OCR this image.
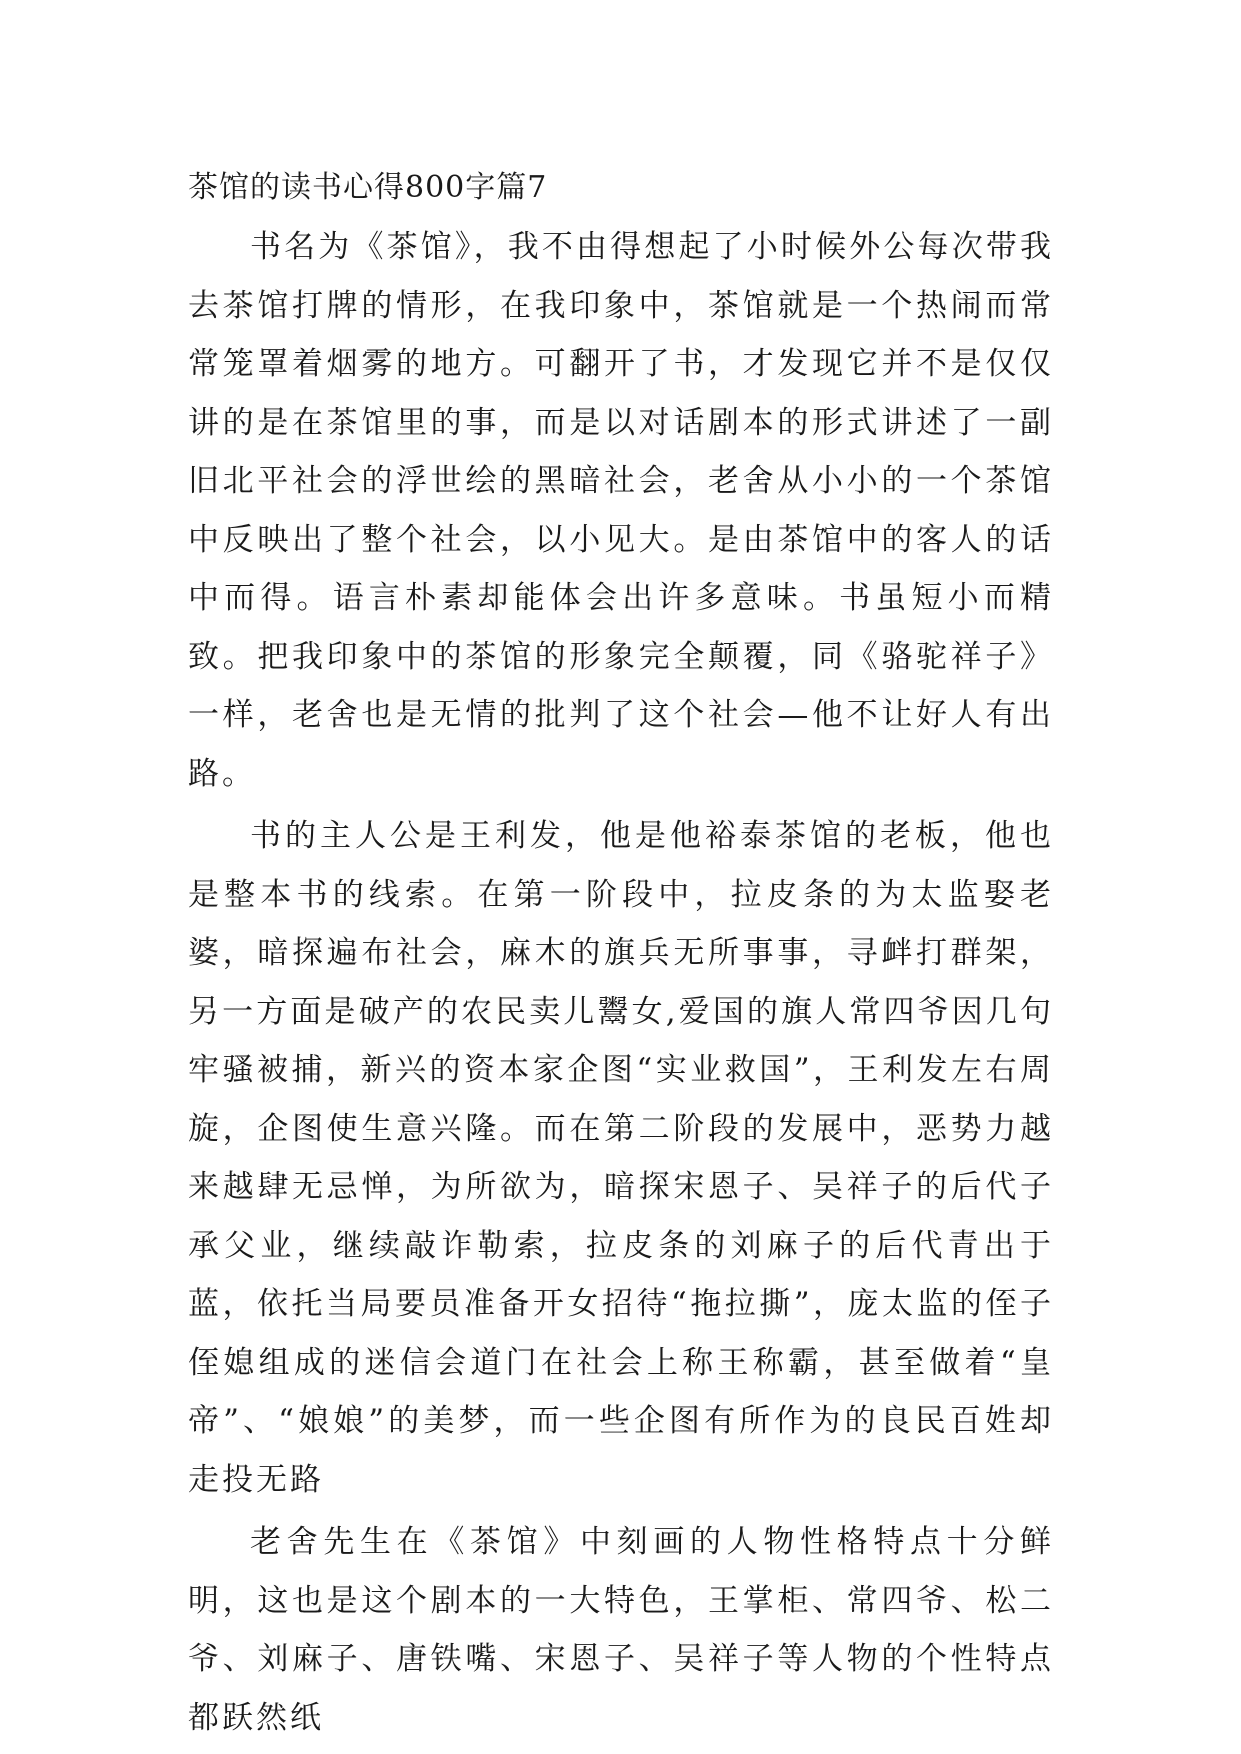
茶馆的读书心得800字篇7

书名为《茶馆》，我不由得想起了小时候外公每次带我去茶馆打牌的情形，在我印象中，茶馆就是一个热闹而常常笼罩着烟雾的地方。可翻开了书，才发现它并不是仅仅讲的是在茶馆里的事，而是以对话剧本的形式讲述了一副旧北平社会的浮世绘的黑暗社会，老舍从小小的一个茶馆中反映出了整个社会，以小见大。是由茶馆中的客人的话中而得。语言朴素却能体会出许多意味。书虽短小而精致。把我印象中的茶馆的形象完全颠覆，同《骆驼祥子》一样，老舍也是无情的批判了这个社会—他不让好人有出路。

书的主人公是王利发，他是他裕泰茶馆的老板，他也是整本书的线索。在第一阶段中，拉皮条的为太监娶老婆，暗探遍布社会，麻木的旗兵无所事事，寻衅打群架，另一方面是破产的农民卖儿鬻女,爱国的旗人常四爷因几句牢骚被捕，新兴的资本家企图“实业救国”，王利发左右周旋，企图使生意兴隆。而在第二阶段的发展中，恶势力越来越肆无忌惮，为所欲为，暗探宋恩子、吴祥子的后代子承父业，继续敲诈勒索，拉皮条的刘麻子的后代青出于蓝，依托当局要员准备开女招待“拖拉撕”，庞太监的侄子侄媳组成的迷信会道门在社会上称王称霸，甚至做着“皇帝”、“娘娘”的美梦，而一些企图有所作为的良民百姓却走投无路

老舍先生在《茶馆》中刻画的人物性格特点十分鲜明，这也是这个剧本的一大特色，王掌柜、常四爷、松二爷、刘麻子、唐铁嘴、宋恩子、吴祥子等人物的个性特点都跃然纸
